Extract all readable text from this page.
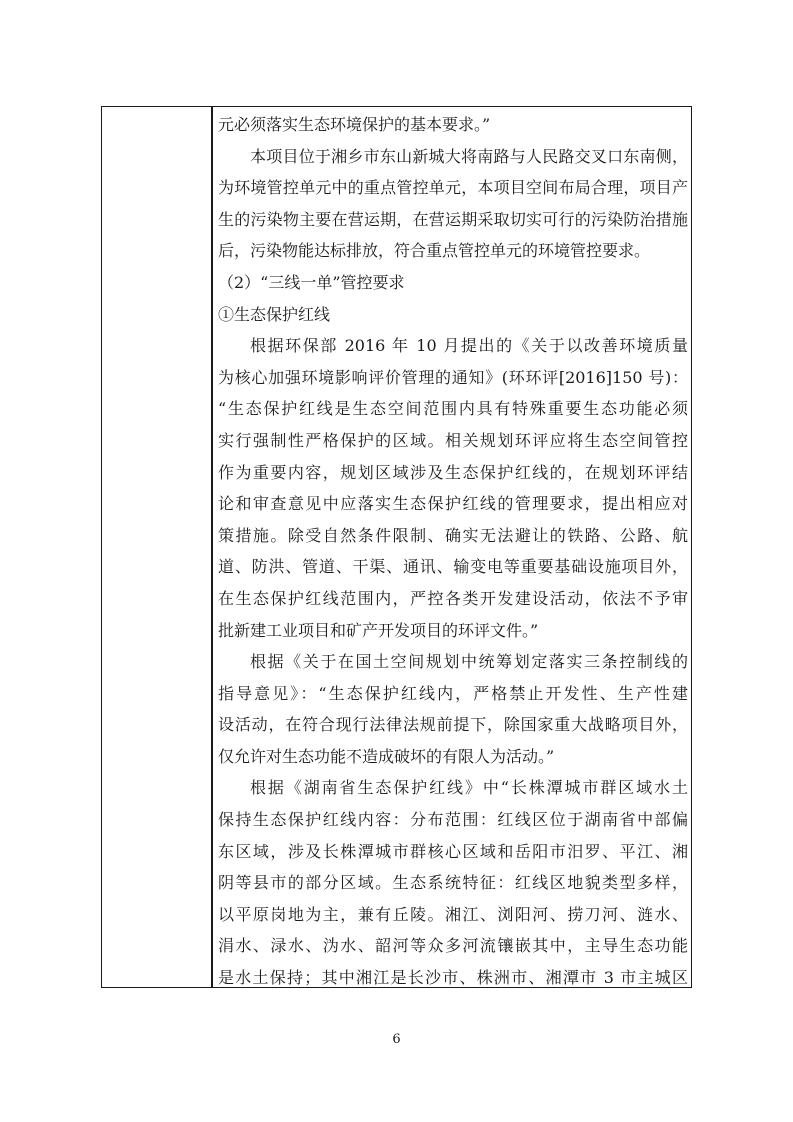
元必须落实生态环境保护的基本要求。”
本项目位于湘乡市东山新城大将南路与人民路交叉口东南侧，
为环境管控单元中的重点管控单元，本项目空间布局合理，项目产
生的污染物主要在营运期，在营运期采取切实可行的污染防治措施
后，污染物能达标排放，符合重点管控单元的环境管控要求。
（2）“三线一单”管控要求
①生态保护红线
根据环保部 2016 年 10 月提出的《关于以改善环境质量
为核心加强环境影响评价管理的通知》(环环评[2016]150 号)：
“生态保护红线是生态空间范围内具有特殊重要生态功能必须
实行强制性严格保护的区域。相关规划环评应将生态空间管控
作为重要内容，规划区域涉及生态保护红线的，在规划环评结
论和审查意见中应落实生态保护红线的管理要求，提出相应对
策措施。除受自然条件限制、确实无法避让的铁路、公路、航
道、防洪、管道、干渠、通讯、输变电等重要基础设施项目外，
在生态保护红线范围内，严控各类开发建设活动，依法不予审
批新建工业项目和矿产开发项目的环评文件。”
根据《关于在国土空间规划中统筹划定落实三条控制线的
指导意见》：“生态保护红线内，严格禁止开发性、生产性建
设活动，在符合现行法律法规前提下，除国家重大战略项目外，
仅允许对生态功能不造成破坏的有限人为活动。”
根据《湖南省生态保护红线》中“长株潭城市群区域水土
保持生态保护红线内容：分布范围：红线区位于湖南省中部偏
东区域，涉及长株潭城市群核心区域和岳阳市汨罗、平江、湘
阴等县市的部分区域。生态系统特征：红线区地貌类型多样，
以平原岗地为主，兼有丘陵。湘江、浏阳河、捞刀河、涟水、
涓水、渌水、沩水、韶河等众多河流镶嵌其中，主导生态功能
是水土保持；其中湘江是长沙市、株洲市、湘潭市 3 市主城区
6
